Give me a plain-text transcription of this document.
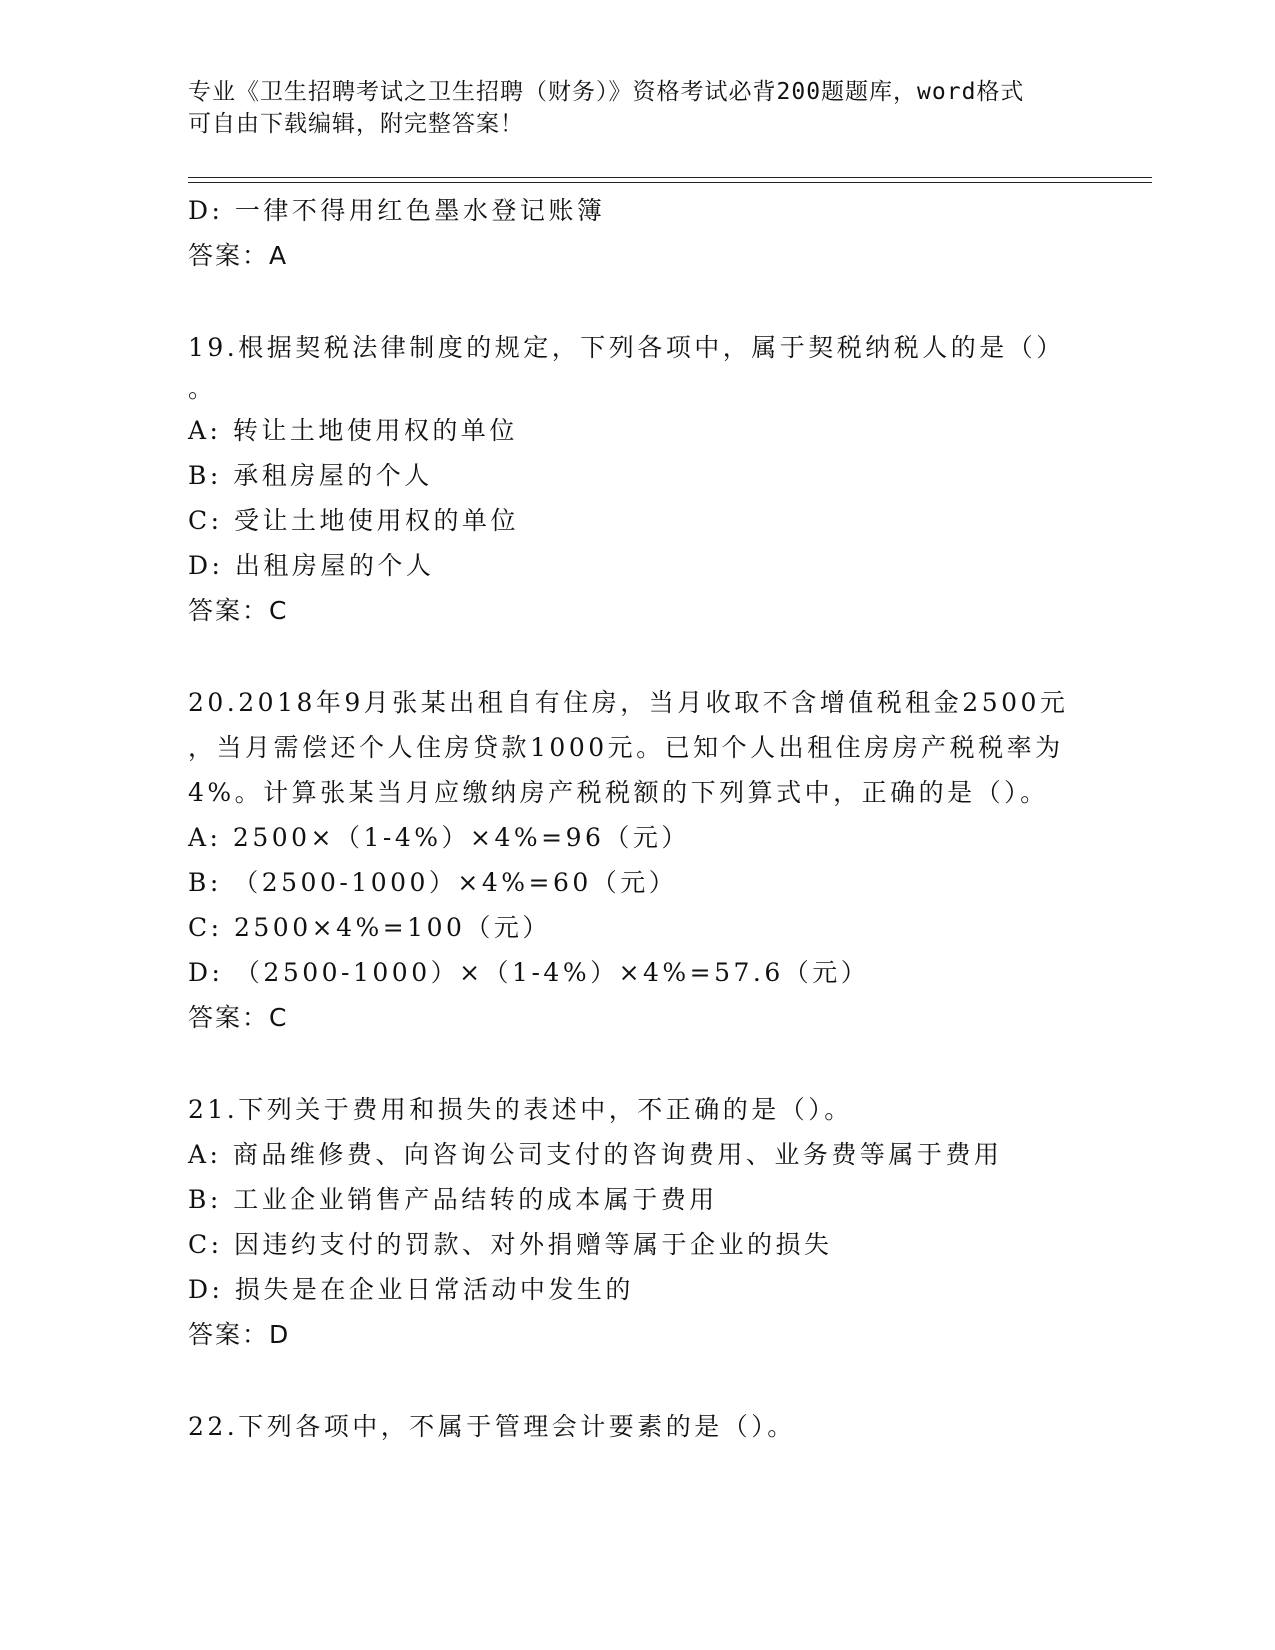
专业《卫生招聘考试之卫生招聘（财务）》资格考试必背200题题库，word格式
可自由下载编辑，附完整答案！
D: 一律不得用红色墨水登记账簿
答案：A
19.根据契税法律制度的规定，下列各项中，属于契税纳税人的是（）
。
A: 转让土地使用权的单位
B: 承租房屋的个人
C: 受让土地使用权的单位
D: 出租房屋的个人
答案：C
20.2018年9月张某出租自有住房，当月收取不含增值税租金2500元
，当月需偿还个人住房贷款1000元。已知个人出租住房房产税税率为
4%。计算张某当月应缴纳房产税税额的下列算式中，正确的是（）。
A: 2500×（1-4%）×4%=96（元）
B: （2500-1000）×4%=60（元）
C: 2500×4%=100（元）
D: （2500-1000）×（1-4%）×4%=57.6（元）
答案：C
21.下列关于费用和损失的表述中，不正确的是（）。
A: 商品维修费、向咨询公司支付的咨询费用、业务费等属于费用
B: 工业企业销售产品结转的成本属于费用
C: 因违约支付的罚款、对外捐赠等属于企业的损失
D: 损失是在企业日常活动中发生的
答案：D
22.下列各项中，不属于管理会计要素的是（）。
